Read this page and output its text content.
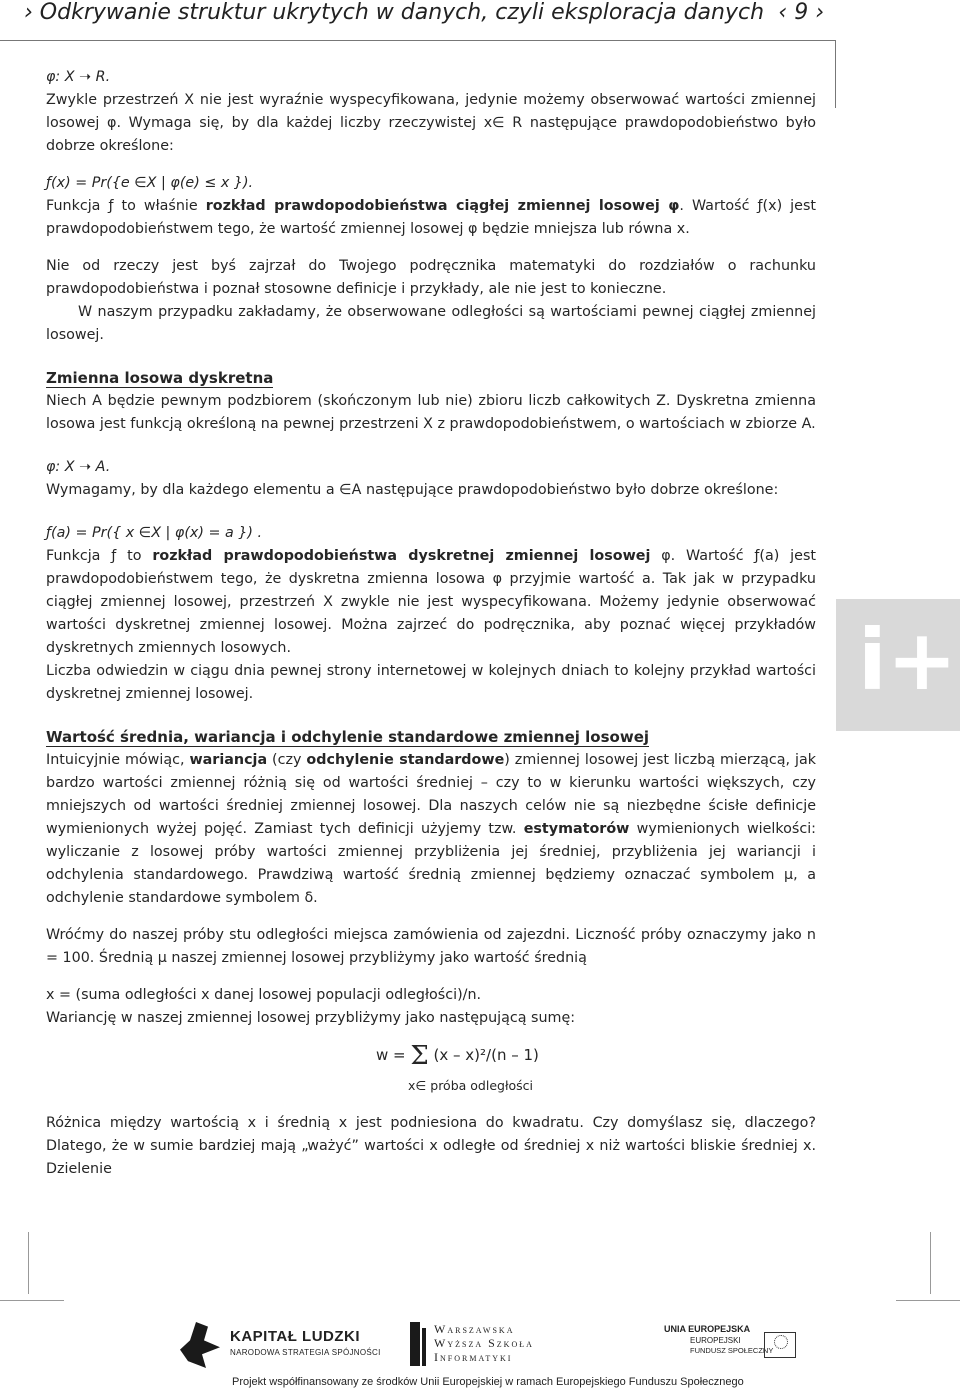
› Odkrywanie struktur ukrytych w danych, czyli eksploracja danych ‹ 9 ›

φ: X ➝ R.

Zwykle przestrzeń X nie jest wyraźnie wyspecyfikowana, jedynie możemy obserwować wartości zmiennej losowej φ. Wymaga się, by dla każdej liczby rzeczywistej x∈ R następujące prawdopodobieństwo było dobrze określone:

ƒ(x) = Pr({e ∈X | φ(e) ≤ x }).

Funkcja ƒ to właśnie rozkład prawdopodobieństwa ciągłej zmiennej losowej φ. Wartość ƒ(x) jest prawdopodobieństwem tego, że wartość zmiennej losowej φ będzie mniejsza lub równa x.

Nie od rzeczy jest byś zajrzał do Twojego podręcznika matematyki do rozdziałów o rachunku prawdopodobieństwa i poznał stosowne definicje i przykłady, ale nie jest to konieczne.

W naszym przypadku zakładamy, że obserwowane odległości są wartościami pewnej ciągłej zmiennej losowej.

Zmienna losowa dyskretna

Niech A będzie pewnym podzbiorem (skończonym lub nie) zbioru liczb całkowitych Z. Dyskretna zmienna losowa jest funkcją określoną na pewnej przestrzeni X z prawdopodobieństwem, o wartościach w zbiorze A.

φ: X ➝ A.

Wymagamy, by dla każdego elementu a ∈A następujące prawdopodobieństwo było dobrze określone:

ƒ(a) = Pr({ x ∈X | φ(x) = a }) .

Funkcja ƒ to rozkład prawdopodobieństwa dyskretnej zmiennej losowej φ. Wartość ƒ(a) jest prawdopodobieństwem tego, że dyskretna zmienna losowa φ przyjmie wartość a. Tak jak w przypadku ciągłej zmiennej losowej, przestrzeń X zwykle nie jest wyspecyfikowana. Możemy jedynie obserwować wartości dyskretnej zmiennej losowej. Można zajrzeć do podręcznika, aby poznać więcej przykładów dyskretnych zmiennych losowych.

Liczba odwiedzin w ciągu dnia pewnej strony internetowej w kolejnych dniach to kolejny przykład wartości dyskretnej zmiennej losowej.

Wartość średnia, wariancja i odchylenie standardowe zmiennej losowej

Intuicyjnie mówiąc, wariancja (czy odchylenie standardowe) zmiennej losowej jest liczbą mierzącą, jak bardzo wartości zmiennej różnią się od wartości średniej – czy to w kierunku wartości większych, czy mniejszych od wartości średniej zmiennej losowej. Dla naszych celów nie są niezbędne ścisłe definicje wymienionych wyżej pojęć. Zamiast tych definicji użyjemy tzw. estymatorów wymienionych wielkości: wyliczanie z losowej próby wartości zmiennej przybliżenia jej średniej, przybliżenia jej wariancji i odchylenia standardowego. Prawdziwą wartość średnią zmiennej będziemy oznaczać symbolem μ, a odchylenie standardowe symbolem δ.

Wróćmy do naszej próby stu odległości miejsca zamówienia od zajezdni. Liczność próby oznaczymy jako n = 100. Średnią μ naszej zmiennej losowej przybliżymy jako wartość średnią

x = (suma odległości x danej losowej populacji odległości)/n.

Wariancję w naszej zmiennej losowej przybliżymy jako następującą sumę:

w = Σ (x – x)²/(n – 1)
x∈ próba odległości

Różnica między wartością x i średnią x jest podniesiona do kwadratu. Czy domyślasz się, dlaczego? Dlatego, że w sumie bardziej mają „ważyć” wartości x odległe od średniej x niż wartości bliskie średniej x. Dzielenie

i+
KAPITAŁ LUDZKI
NARODOWA STRATEGIA SPÓJNOŚCI
Warszawska
Wyższa Szkoła
Informatyki
UNIA EUROPEJSKA
EUROPEJSKI
FUNDUSZ SPOŁECZNY
Projekt współfinansowany ze środków Unii Europejskiej w ramach Europejskiego Funduszu Społecznego
